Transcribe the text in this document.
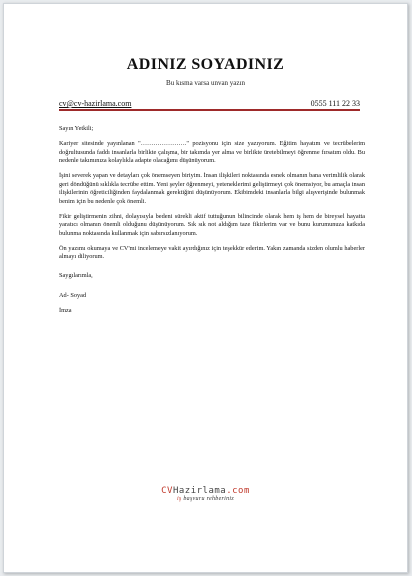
ADINIZ SOYADINIZ
Bu kısma varsa unvan yazın
cv@cv-hazirlama.com	0555 111 22 33

Sayın Yetkili;

Kariyer sitesinde yayınlanan "…………………." pozisyonu için size yazıyorum. Eğitim hayatım ve tecrübelerim doğrultusunda faddı insanlarla birlikte çalışma, bir takımda yer alma ve birlikte üretebilmeyi öğrenme fırsatım oldu. Bu nedenle takımınıza kolaylıkla adapte olacağımı düşünüyorum.

İşini severek yapan ve detayları çok önemseyen biriyim. İnsan ilişkileri noktasında esnek olmanın bana verimlilik olarak geri döndüğünü sıklıkla tecrübe ettim. Yeni şeyler öğrenmeyi, yeteneklerimi geliştirmeyi çok önemsiyor, bu amaçla insan ilişkilerinin öğreticiliğinden faydalanmak gerektiğini düşünüyorum. Ekibimdeki insanlarla bilgi alışverişinde bulunmak benim için bu nedenle çok önemli.

Fikir geliştirmenin zihni, dolayısıyla bedeni sürekli aktif tuttuğunun bilincinde olarak hem iş hem de bireysel hayatta yaratıcı olmanın önemli olduğunu düşünüyorum. Sık sık not aldığım taze fikirlerim var ve bunu kurumunuza katkıda bulunma noktasında kullanmak için sabırsızlanıyorum.

Ön yazımı okumaya ve CV'mi incelemeye vakit ayırdığınız için teşekkür ederim. Yakın zamanda sizden olumlu haberler almayı diliyorum.

Saygılarımla,

Ad- Soyad

İmza

CVHazirlama.com
iş başvuru rehberiniz
